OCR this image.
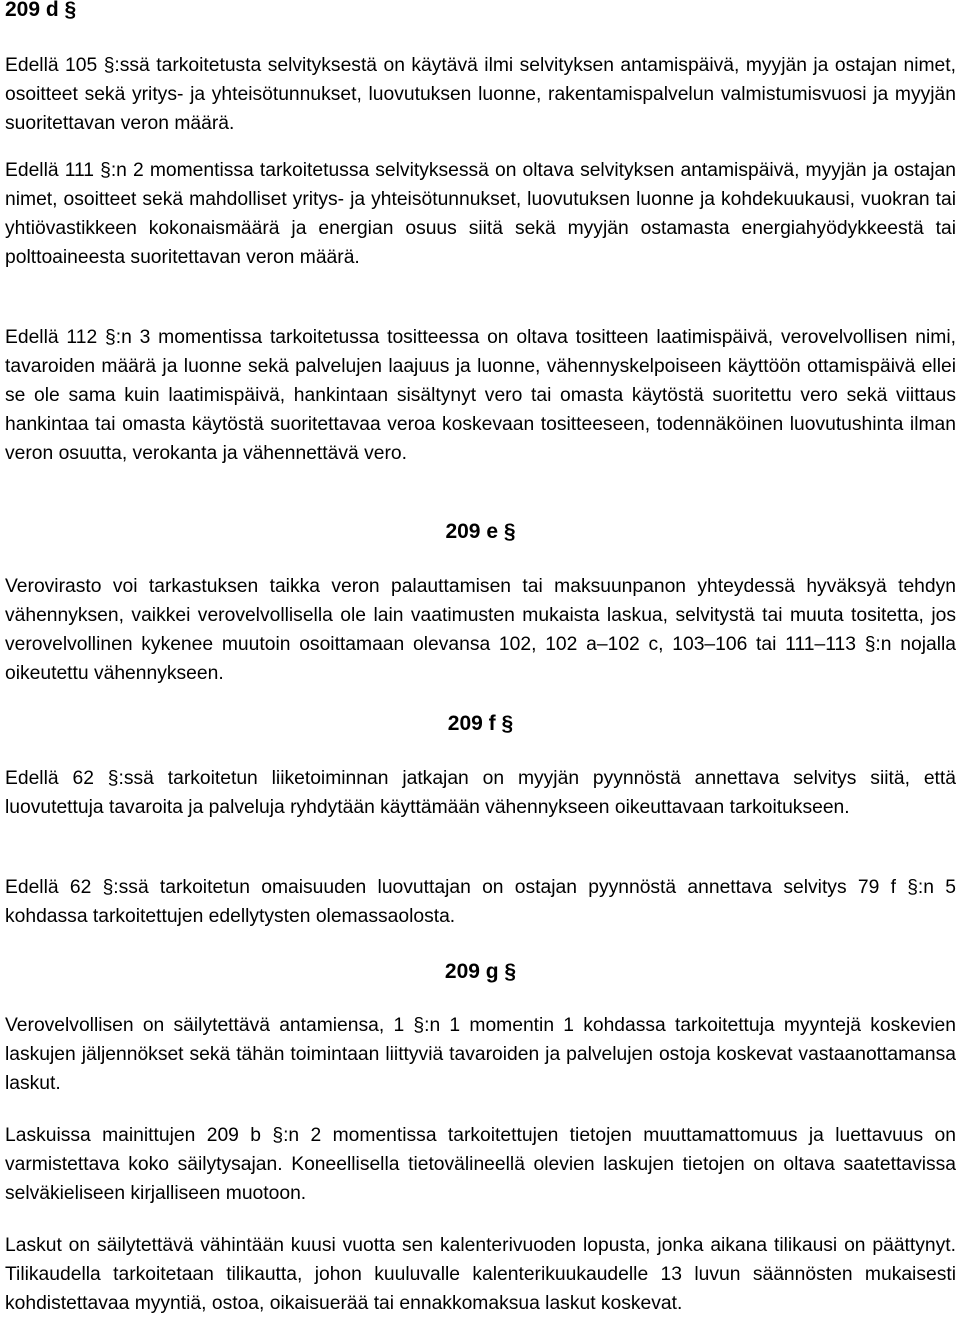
209 d §

Edellä 105 §:ssä tarkoitetusta selvityksestä on käytävä ilmi selvityksen antamispäivä, myyjän ja ostajan nimet, osoitteet sekä yritys- ja yhteisötunnukset, luovutuksen luonne, rakentamispalvelun valmistumisvuosi ja myyjän suoritettavan veron määrä.

Edellä 111 §:n 2 momentissa tarkoitetussa selvityksessä on oltava selvityksen antamispäivä, myyjän ja ostajan nimet, osoitteet sekä mahdolliset yritys- ja yhteisötunnukset, luovutuksen luonne ja kohdekuukausi, vuokran tai yhtiövastikkeen kokonaismäärä ja energian osuus siitä sekä myyjän ostamasta energiahyödykkeestä tai polttoaineesta suoritettavan veron määrä.

Edellä 112 §:n 3 momentissa tarkoitetussa tositteessa on oltava tositteen laatimispäivä, verovelvollisen nimi, tavaroiden määrä ja luonne sekä palvelujen laajuus ja luonne, vähennyskelpoiseen käyttöön ottamispäivä ellei se ole sama kuin laatimispäivä, hankintaan sisältynyt vero tai omasta käytöstä suoritettu vero sekä viittaus hankintaa tai omasta käytöstä suoritettavaa veroa koskevaan tositteeseen, todennäköinen luovutushinta ilman veron osuutta, verokanta ja vähennettävä vero.

209 e §

Verovirasto voi tarkastuksen taikka veron palauttamisen tai maksuunpanon yhteydessä hyväksyä tehdyn vähennyksen, vaikkei verovelvollisella ole lain vaatimusten mukaista laskua, selvitystä tai muuta tositetta, jos verovelvollinen kykenee muutoin osoittamaan olevansa 102, 102 a–102 c, 103–106 tai 111–113 §:n nojalla oikeutettu vähennykseen.

209 f §

Edellä 62 §:ssä tarkoitetun liiketoiminnan jatkajan on myyjän pyynnöstä annettava selvitys siitä, että luovutettuja tavaroita ja palveluja ryhdytään käyttämään vähennykseen oikeuttavaan tarkoitukseen.

Edellä 62 §:ssä tarkoitetun omaisuuden luovuttajan on ostajan pyynnöstä annettava selvitys 79 f §:n 5 kohdassa tarkoitettujen edellytysten olemassaolosta.

209 g §

Verovelvollisen on säilytettävä antamiensa, 1 §:n 1 momentin 1 kohdassa tarkoitettuja myyntejä koskevien laskujen jäljennökset sekä tähän toimintaan liittyviä tavaroiden ja palvelujen ostoja koskevat vastaanottamansa laskut.

Laskuissa mainittujen 209 b §:n 2 momentissa tarkoitettujen tietojen muuttamattomuus ja luettavuus on varmistettava koko säilytysajan. Koneellisella tietovälineellä olevien laskujen tietojen on oltava saatettavissa selväkieliseen kirjalliseen muotoon.

Laskut on säilytettävä vähintään kuusi vuotta sen kalenterivuoden lopusta, jonka aikana tilikausi on päättynyt. Tilikaudella tarkoitetaan tilikautta, johon kuuluvalle kalenterikuukaudelle 13 luvun säännösten mukaisesti kohdistettavaa myyntiä, ostoa, oikaisuerää tai ennakkomaksua laskut koskevat.
